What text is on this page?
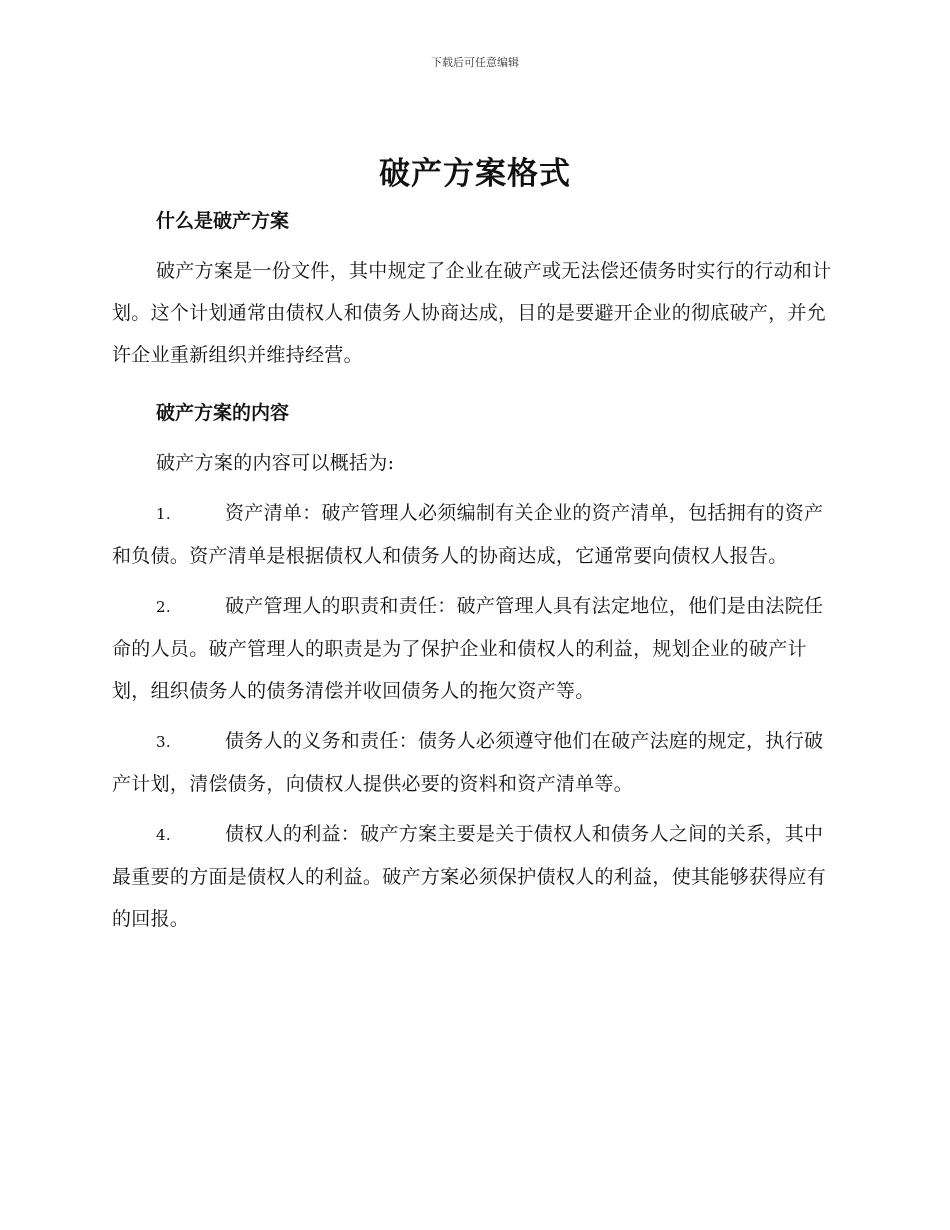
下载后可任意编辑
破产方案格式

什么是破产方案

破产方案是一份文件，其中规定了企业在破产或无法偿还债务时实行的行动和计划。这个计划通常由债权人和债务人协商达成，目的是要避开企业的彻底破产，并允许企业重新组织并维持经营。

破产方案的内容

破产方案的内容可以概括为:

1.	资产清单：破产管理人必须编制有关企业的资产清单，包括拥有的资产和负债。资产清单是根据债权人和债务人的协商达成，它通常要向债权人报告。

2.	破产管理人的职责和责任：破产管理人具有法定地位，他们是由法院任命的人员。破产管理人的职责是为了保护企业和债权人的利益，规划企业的破产计划，组织债务人的债务清偿并收回债务人的拖欠资产等。

3.	债务人的义务和责任：债务人必须遵守他们在破产法庭的规定，执行破产计划，清偿债务，向债权人提供必要的资料和资产清单等。

4.	债权人的利益：破产方案主要是关于债权人和债务人之间的关系，其中最重要的方面是债权人的利益。破产方案必须保护债权人的利益，使其能够获得应有的回报。
